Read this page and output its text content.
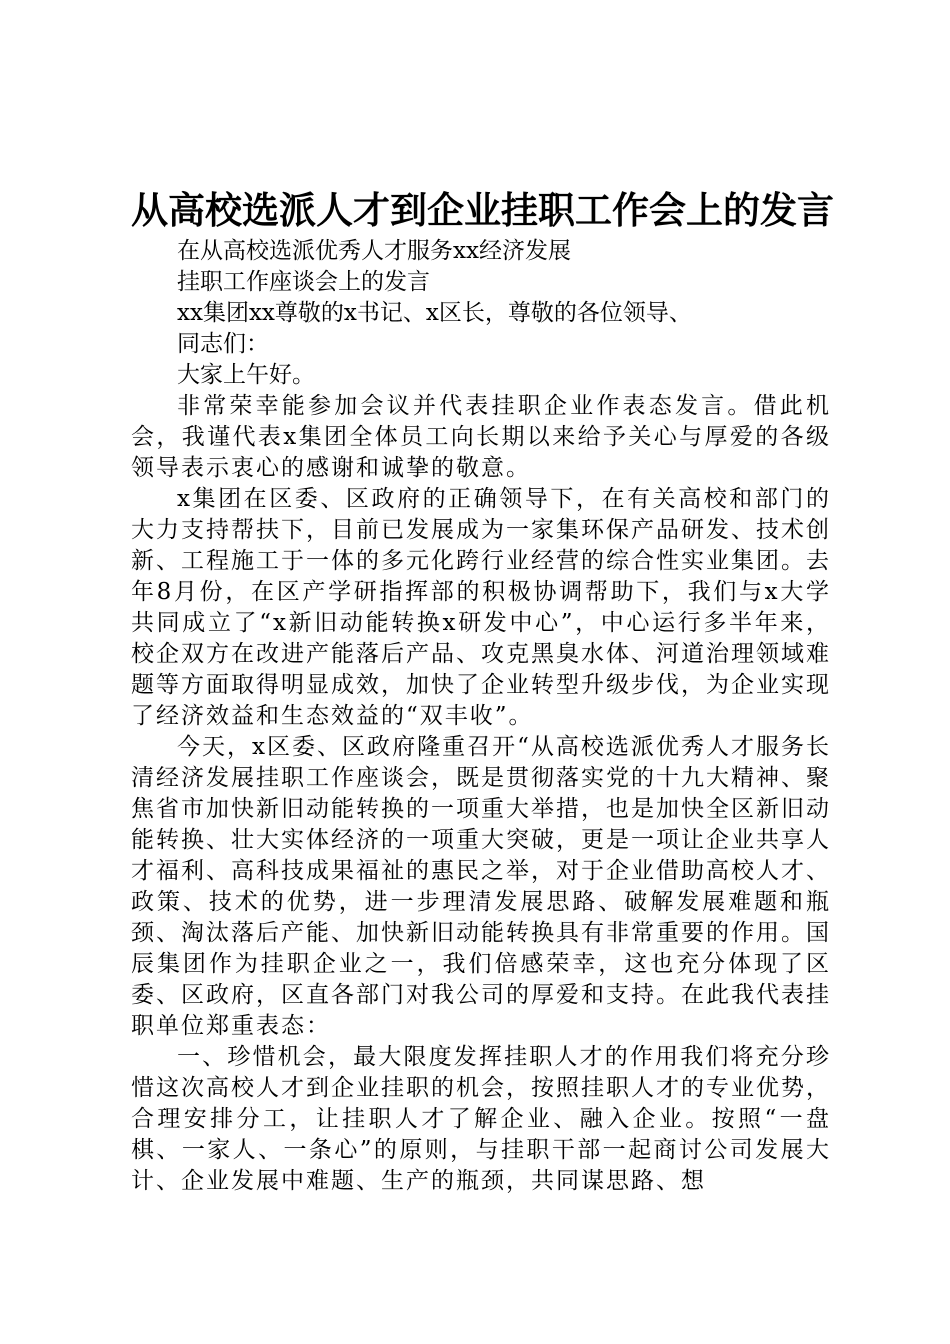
从高校选派人才到企业挂职工作会上的发言

在从高校选派优秀人才服务xx经济发展

挂职工作座谈会上的发言

xx集团xx尊敬的x书记、x区长，尊敬的各位领导、

同志们：

大家上午好。

非常荣幸能参加会议并代表挂职企业作表态发言。借此机会，我谨代表x集团全体员工向长期以来给予关心与厚爱的各级领导表示衷心的感谢和诚挚的敬意。

x集团在区委、区政府的正确领导下，在有关高校和部门的大力支持帮扶下，目前已发展成为一家集环保产品研发、技术创新、工程施工于一体的多元化跨行业经营的综合性实业集团。去年8月份，在区产学研指挥部的积极协调帮助下，我们与x大学共同成立了“x新旧动能转换x研发中心”，中心运行多半年来，校企双方在改进产能落后产品、攻克黑臭水体、河道治理领域难题等方面取得明显成效，加快了企业转型升级步伐，为企业实现了经济效益和生态效益的“双丰收”。

今天，x区委、区政府隆重召开“从高校选派优秀人才服务长清经济发展挂职工作座谈会，既是贯彻落实党的十九大精神、聚焦省市加快新旧动能转换的一项重大举措，也是加快全区新旧动能转换、壮大实体经济的一项重大突破，更是一项让企业共享人才福利、高科技成果福祉的惠民之举，对于企业借助高校人才、政策、技术的优势，进一步理清发展思路、破解发展难题和瓶颈、淘汰落后产能、加快新旧动能转换具有非常重要的作用。国辰集团作为挂职企业之一，我们倍感荣幸，这也充分体现了区委、区政府，区直各部门对我公司的厚爱和支持。在此我代表挂职单位郑重表态：

一、珍惜机会，最大限度发挥挂职人才的作用我们将充分珍惜这次高校人才到企业挂职的机会，按照挂职人才的专业优势，合理安排分工，让挂职人才了解企业、融入企业。按照“一盘棋、一家人、一条心”的原则，与挂职干部一起商讨公司发展大计、企业发展中难题、生产的瓶颈，共同谋思路、想
